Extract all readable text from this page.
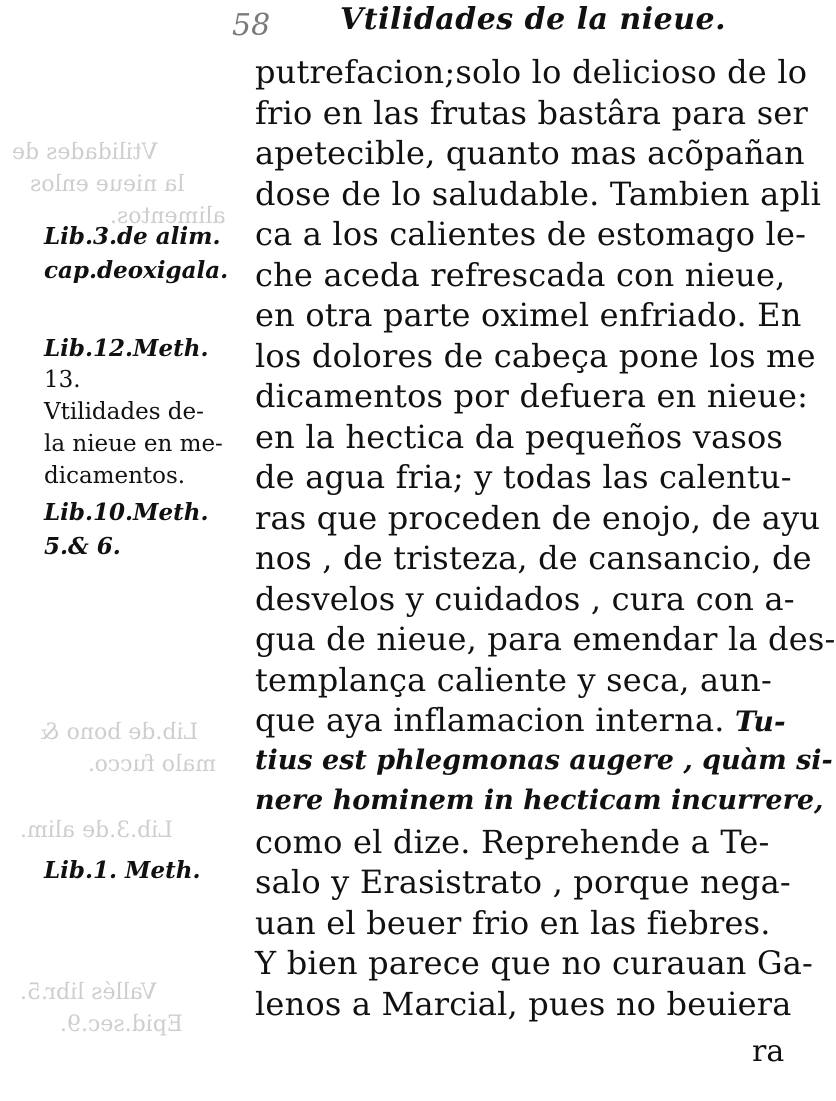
Vtilidades de
la nieue enlos
alimentos.
Lib.de bono &
malo fucco.
Lib.3.de alim.
Vallés libr.5.
Epid.sec.9.
58 Vtilidades de la nieue.
Lib.3.de alim.
cap.deoxigala.
Lib.12.Meth.
13.
Vtilidades de-
la nieue en me-
dicamentos.
Lib.10.Meth.
5.& 6.
Lib.1. Meth.
putrefacion;solo lo delicioso de lo
frio en las frutas bastâra para ser
apetecible, quanto mas acõpañan
dose de lo saludable. Tambien apli
ca a los calientes de estomago le-
che aceda refrescada con nieue,
en otra parte oximel enfriado. En
los dolores de cabeça pone los me
dicamentos por defuera en nieue:
en la hectica da pequeños vasos
de agua fria; y todas las calentu-
ras que proceden de enojo, de ayu
nos , de tristeza, de cansancio, de
desvelos y cuidados , cura con a-
gua de nieue, para emendar la des-
templança caliente y seca, aun-
que aya inflamacion interna. Tu-
tius est phlegmonas augere , quàm si-
nere hominem in hecticam incurrere,
como el dize. Reprehende a Te-
salo y Erasistrato , porque nega-
uan el beuer frio en las fiebres.
Y bien parece que no curauan Ga-
lenos a Marcial, pues no beuiera
ra
